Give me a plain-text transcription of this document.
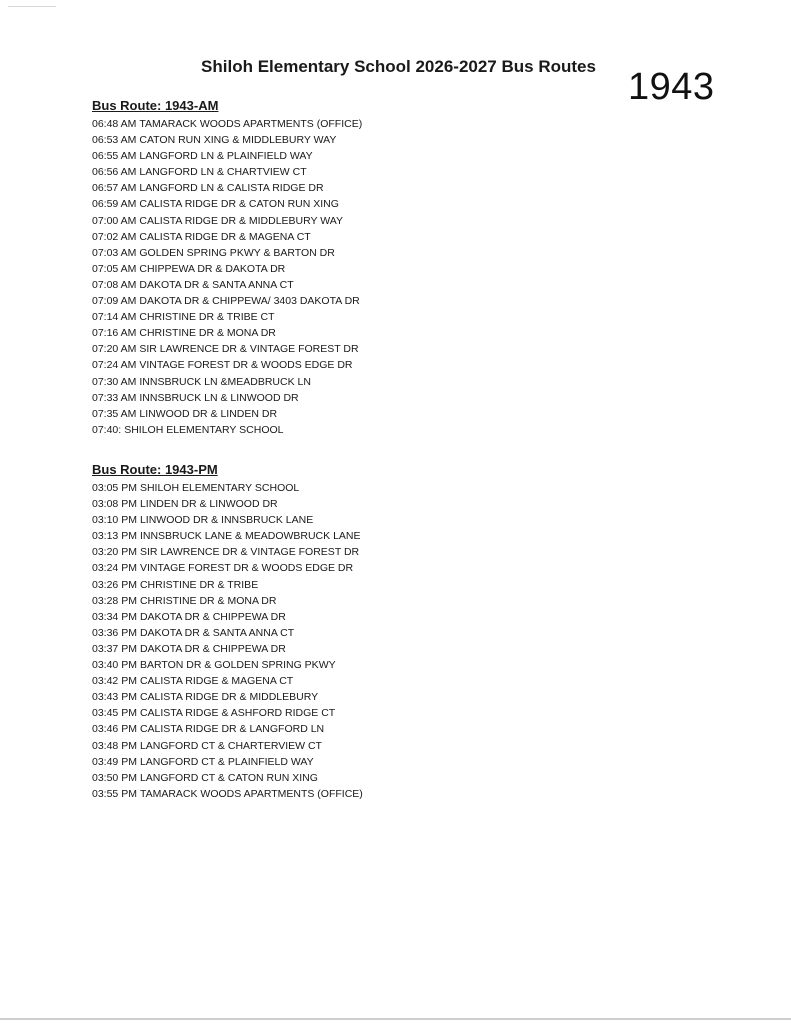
Shiloh Elementary School 2026-2027 Bus Routes 1943
Bus Route: 1943-AM
06:48 AM TAMARACK WOODS APARTMENTS (OFFICE)
06:53 AM CATON RUN XING & MIDDLEBURY WAY
06:55 AM LANGFORD LN & PLAINFIELD WAY
06:56 AM LANGFORD LN & CHARTVIEW CT
06:57 AM LANGFORD LN & CALISTA RIDGE DR
06:59 AM CALISTA RIDGE DR & CATON RUN XING
07:00 AM CALISTA RIDGE DR & MIDDLEBURY WAY
07:02 AM CALISTA RIDGE DR & MAGENA CT
07:03 AM GOLDEN SPRING PKWY & BARTON DR
07:05 AM CHIPPEWA DR & DAKOTA DR
07:08 AM DAKOTA DR & SANTA ANNA CT
07:09 AM DAKOTA DR & CHIPPEWA/ 3403 DAKOTA DR
07:14 AM CHRISTINE DR & TRIBE CT
07:16 AM CHRISTINE DR & MONA DR
07:20 AM SIR LAWRENCE DR & VINTAGE FOREST DR
07:24 AM VINTAGE FOREST DR & WOODS EDGE DR
07:30 AM INNSBRUCK LN &MEADBRUCK LN
07:33 AM INNSBRUCK LN & LINWOOD DR
07:35 AM LINWOOD DR & LINDEN DR
07:40: SHILOH ELEMENTARY SCHOOL
Bus Route: 1943-PM
03:05 PM SHILOH ELEMENTARY SCHOOL
03:08 PM LINDEN DR & LINWOOD DR
03:10 PM LINWOOD DR & INNSBRUCK LANE
03:13 PM INNSBRUCK LANE & MEADOWBRUCK LANE
03:20 PM SIR LAWRENCE DR & VINTAGE FOREST DR
03:24 PM VINTAGE FOREST DR & WOODS EDGE DR
03:26 PM CHRISTINE DR & TRIBE
03:28 PM CHRISTINE DR & MONA DR
03:34 PM DAKOTA DR & CHIPPEWA DR
03:36 PM DAKOTA DR & SANTA ANNA CT
03:37 PM DAKOTA DR & CHIPPEWA DR
03:40 PM BARTON DR & GOLDEN SPRING PKWY
03:42 PM CALISTA RIDGE & MAGENA CT
03:43 PM CALISTA RIDGE DR & MIDDLEBURY
03:45 PM CALISTA RIDGE & ASHFORD RIDGE CT
03:46 PM CALISTA RIDGE DR & LANGFORD LN
03:48 PM LANGFORD CT & CHARTERVIEW CT
03:49 PM LANGFORD CT & PLAINFIELD WAY
03:50 PM LANGFORD CT & CATON RUN XING
03:55 PM TAMARACK WOODS APARTMENTS (OFFICE)
